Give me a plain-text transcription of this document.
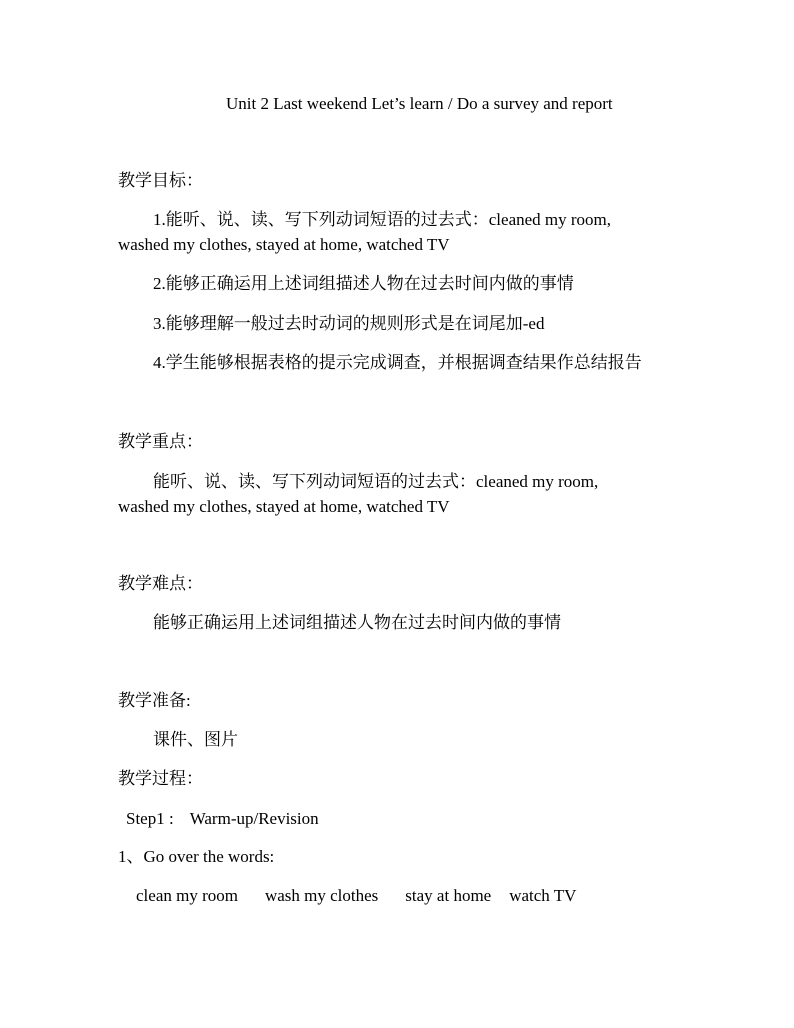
Unit 2 Last weekend Let’s learn / Do a survey and report
教学目标：
1.能听、说、读、写下列动词短语的过去式：cleaned my room,
washed my clothes, stayed at home, watched TV
2.能够正确运用上述词组描述人物在过去时间内做的事情
3.能够理解一般过去时动词的规则形式是在词尾加-ed
4.学生能够根据表格的提示完成调查，并根据调查结果作总结报告
教学重点：
能听、说、读、写下列动词短语的过去式：cleaned my room,
washed my clothes, stayed at home, watched TV
教学难点：
能够正确运用上述词组描述人物在过去时间内做的事情
教学准备:
课件、图片
教学过程：
Step1 : Warm-up/Revision
1、Go over the words:
clean my room wash my clothes stay at home watch TV
